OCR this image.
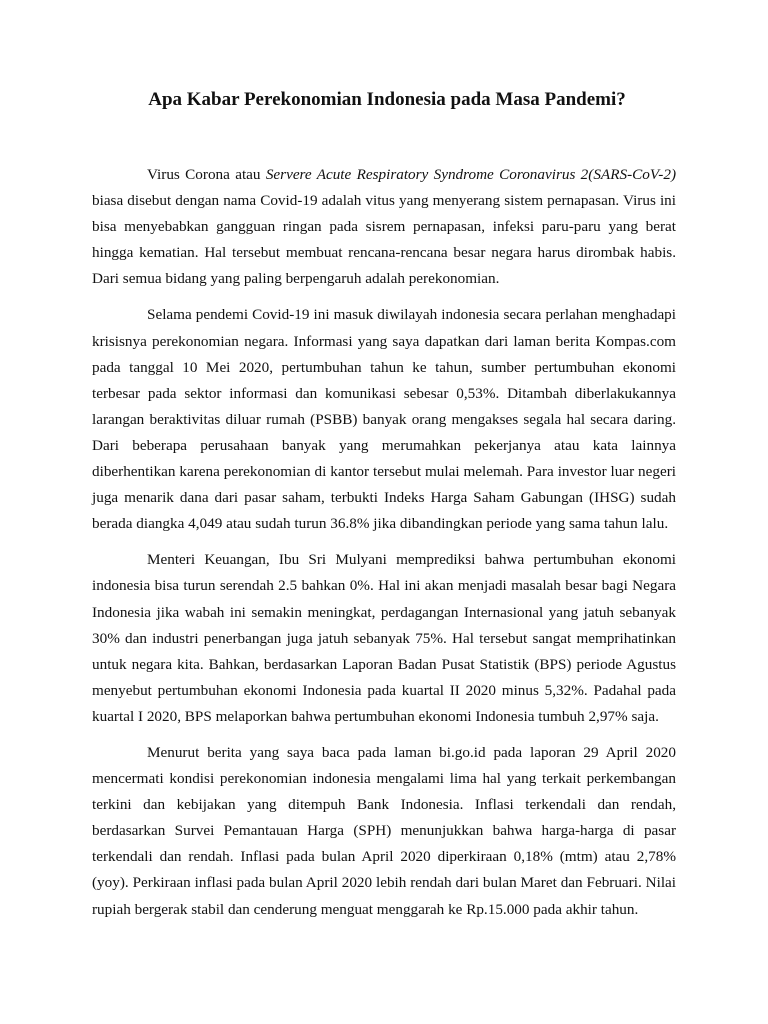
Apa Kabar Perekonomian Indonesia pada Masa Pandemi?

Virus Corona atau Servere Acute Respiratory Syndrome Coronavirus 2(SARS-CoV-2) biasa disebut dengan nama Covid-19 adalah vitus yang menyerang sistem pernapasan. Virus ini bisa menyebabkan gangguan ringan pada sisrem pernapasan, infeksi paru-paru yang berat hingga kematian. Hal tersebut membuat rencana-rencana besar negara harus dirombak habis. Dari semua bidang yang paling berpengaruh adalah perekonomian.

Selama pendemi Covid-19 ini masuk diwilayah indonesia secara perlahan menghadapi krisisnya perekonomian negara. Informasi yang saya dapatkan dari laman berita Kompas.com pada tanggal 10 Mei 2020, pertumbuhan tahun ke tahun, sumber pertumbuhan ekonomi terbesar pada sektor informasi dan komunikasi sebesar 0,53%. Ditambah diberlakukannya larangan beraktivitas diluar rumah (PSBB) banyak orang mengakses segala hal secara daring. Dari beberapa perusahaan banyak yang merumahkan pekerjanya atau kata lainnya diberhentikan karena perekonomian di kantor tersebut mulai melemah. Para investor luar negeri juga menarik dana dari pasar saham, terbukti Indeks Harga Saham Gabungan (IHSG) sudah berada diangka 4,049 atau sudah turun 36.8% jika dibandingkan periode yang sama tahun lalu.

Menteri Keuangan, Ibu Sri Mulyani memprediksi bahwa pertumbuhan ekonomi indonesia bisa turun serendah 2.5 bahkan 0%. Hal ini akan menjadi masalah besar bagi Negara Indonesia jika wabah ini semakin meningkat, perdagangan Internasional yang jatuh sebanyak 30% dan industri penerbangan juga jatuh sebanyak 75%. Hal tersebut sangat memprihatinkan untuk negara kita. Bahkan, berdasarkan Laporan Badan Pusat Statistik (BPS) periode Agustus menyebut pertumbuhan ekonomi Indonesia pada kuartal II 2020 minus 5,32%. Padahal pada kuartal I 2020, BPS melaporkan bahwa pertumbuhan ekonomi Indonesia tumbuh 2,97% saja.

Menurut berita yang saya baca pada laman bi.go.id pada laporan 29 April 2020 mencermati kondisi perekonomian indonesia mengalami lima hal yang terkait perkembangan terkini dan kebijakan yang ditempuh Bank Indonesia. Inflasi terkendali dan rendah, berdasarkan Survei Pemantauan Harga (SPH) menunjukkan bahwa harga-harga di pasar terkendali dan rendah. Inflasi pada bulan April 2020 diperkiraan 0,18% (mtm) atau 2,78% (yoy). Perkiraan inflasi pada bulan April 2020 lebih rendah dari bulan Maret dan Februari. Nilai rupiah bergerak stabil dan cenderung menguat menggarah ke Rp.15.000 pada akhir tahun.
